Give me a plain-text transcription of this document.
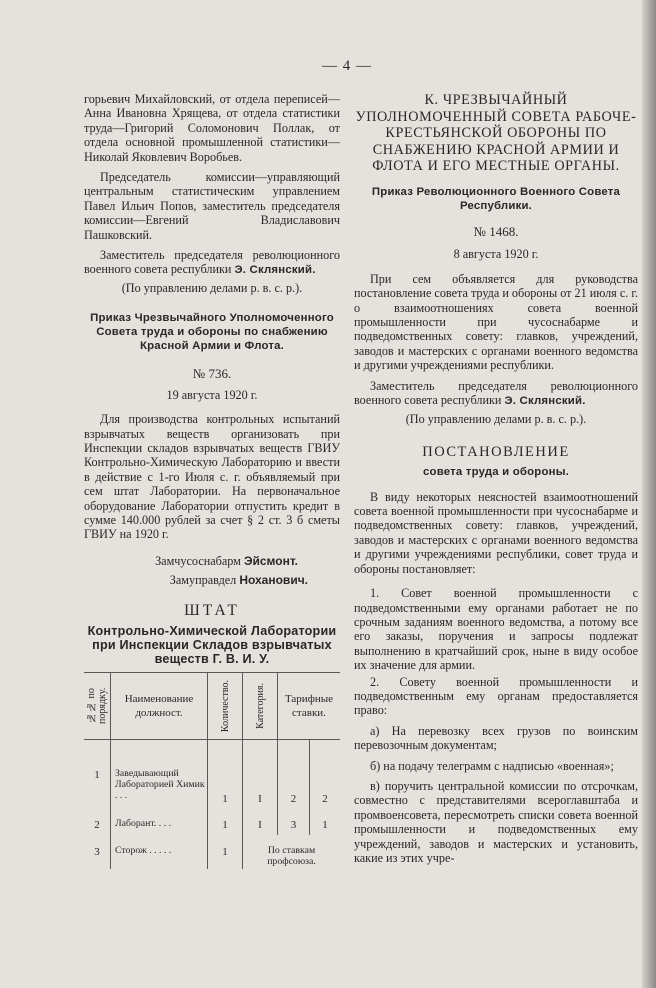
— 4 —

горьевич Михайловский, от отдела переписей—Анна Ивановна Хрящева, от отдела статистики труда—Григорий Соломонович Поллак, от отдела основной промышленной статистики—Николай Яковлевич Воробьев.

Председатель комиссии—управляющий центральным статистическим управлением Павел Ильич Попов, заместитель председателя комиссии—Евгений Владиславович Пашковский.

Заместитель председателя революционного военного совета республики Э. Склянский.

(По управлению делами р. в. с. р.).

Приказ Чрезвычайного Уполномоченного Совета труда и обороны по снабжению Красной Армии и Флота.

№ 736.

19 августа 1920 г.

Для производства контрольных испытаний взрывчатых веществ организовать при Инспекции складов взрывчатых веществ ГВИУ Контрольно-Химическую Лабораторию и ввести в действие с 1-го Июля с. г. объявляемый при сем штат Лаборатории. На первоначальное оборудование Лаборатории отпустить кредит в сумме 140.000 рублей за счет § 2 ст. 3 б сметы ГВИУ на 1920 г.

Замчусоснабарм Эйсмонт.

Замуправдел Ноханович.

ШТАТ

Контрольно-Химической Лаборатории при Инспекции Складов взрывчатых веществ Г. В. И. У.

№№ по порядку.	Наименование должност.	Количество.	Категория.	Тарифные ставки.	
1	Заведывающий Лабораторией Химик . . .	1	I	2	2
2	Лаборант. . . .	1	I	3	1
3	Сторож . . . . .	1	По ставкам профсоюза.		

К. ЧРЕЗВЫЧАЙНЫЙ УПОЛНОМОЧЕННЫЙ СОВЕТА РАБОЧЕ-КРЕСТЬЯНСКОЙ ОБОРОНЫ ПО СНАБЖЕНИЮ КРАСНОЙ АРМИИ И ФЛОТА И ЕГО МЕСТНЫЕ ОРГАНЫ.

Приказ Революционного Военного Совета Республики.

№ 1468.

8 августа 1920 г.

При сем объявляется для руководства постановление совета труда и обороны от 21 июля с. г. о взаимоотношениях совета военной промышленности при чусоснабарме и подведомственных совету: главков, учреждений, заводов и мастерских с органами военного ведомства и другими учреждениями республики.

Заместитель председателя революционного военного совета республики Э. Склянский.

(По управлению делами р. в. с. р.).

ПОСТАНОВЛЕНИЕ

совета труда и обороны.

В виду некоторых неясностей взаимоотношений совета военной промышленности при чусоснабарме и подведомственных совету: главков, учреждений, заводов и мастерских с органами военного ведомства и другими учреждениями республики, совет труда и обороны постановляет:

1. Совет военной промышленности с подведомственными ему органами работает не по срочным заданиям военного ведомства, а потому все его заказы, поручения и запросы подлежат выполнению в кратчайший срок, ныне в виду особое их значение для армии.

2. Совету военной промышленности и подведомственным ему органам предоставляется право:

а) На перевозку всех грузов по воинским перевозочным документам;

б) на подачу телеграмм с надписью «военная»;

в) поручить центральной комиссии по отсрочкам, совместно с представителями всероглавштаба и промвоенсовета, пересмотреть списки совета военной промышленности и подведомственных ему учреждений, заводов и мастерских и установить, какие из этих учре-
